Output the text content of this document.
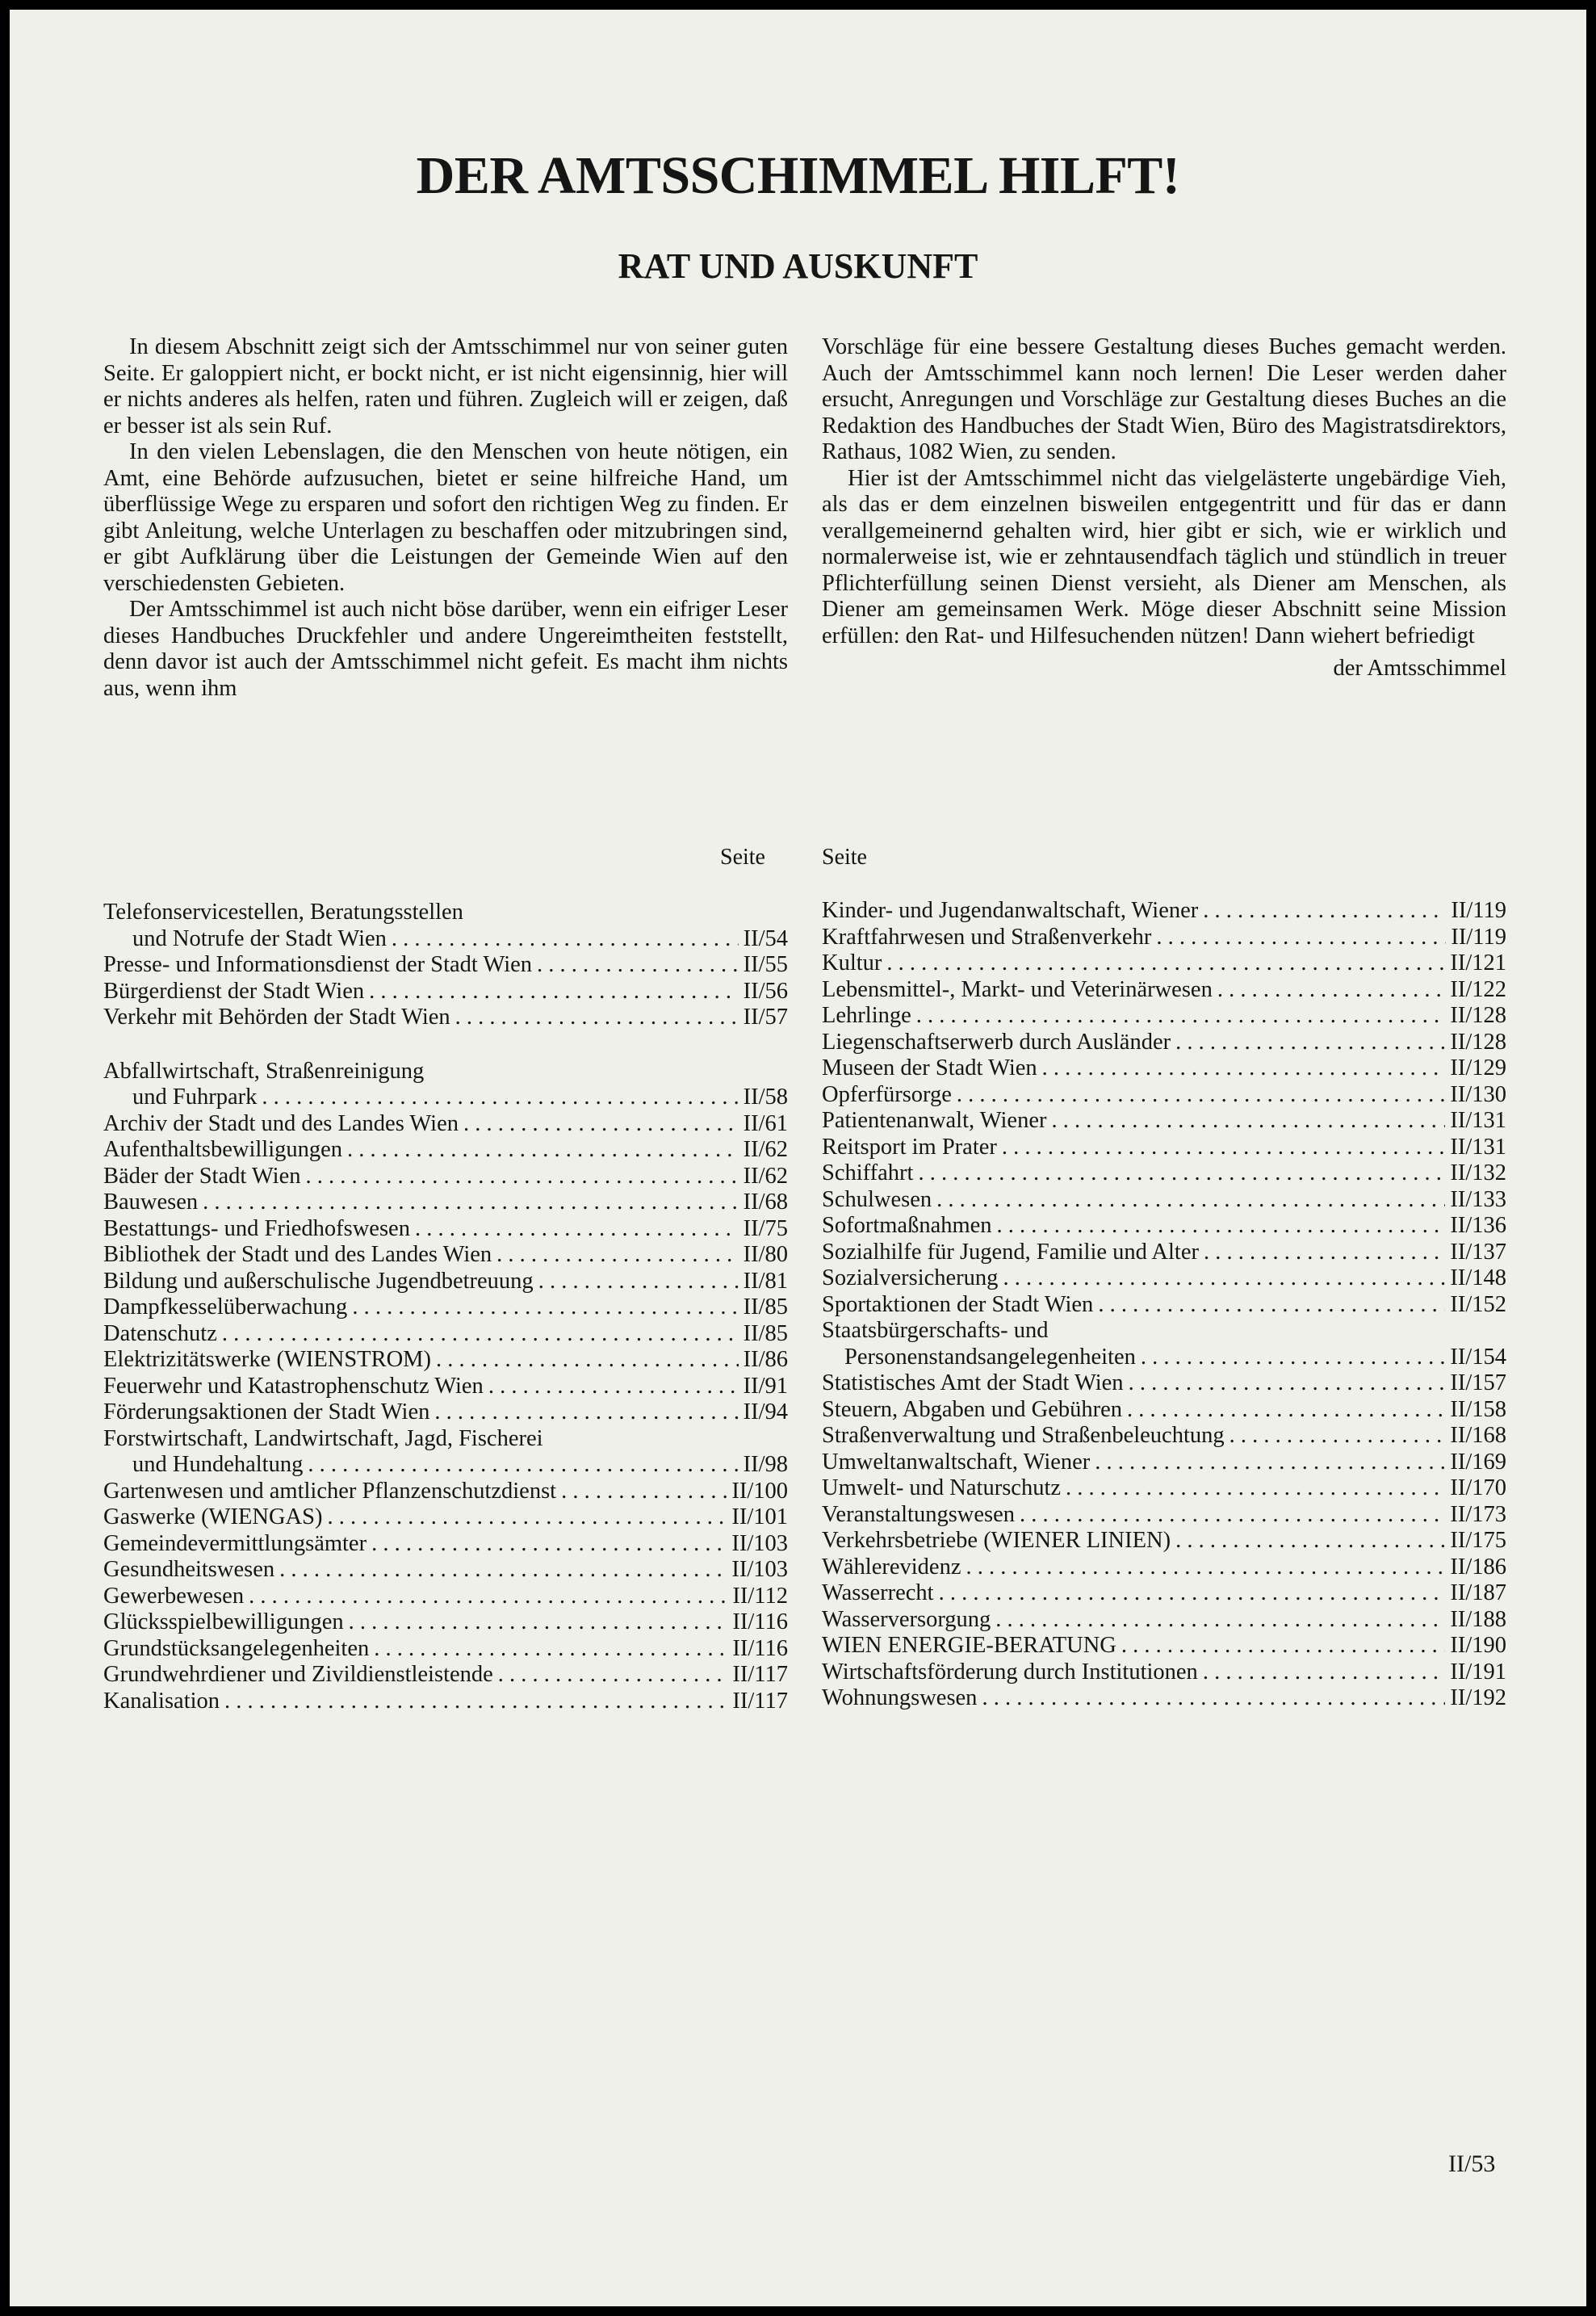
DER AMTSSCHIMMEL HILFT!
RAT UND AUSKUNFT

In diesem Abschnitt zeigt sich der Amtsschimmel nur von seiner guten Seite. Er galoppiert nicht, er bockt nicht, er ist nicht eigensinnig, hier will er nichts anderes als helfen, raten und führen. Zugleich will er zeigen, daß er besser ist als sein Ruf.

In den vielen Lebenslagen, die den Menschen von heute nötigen, ein Amt, eine Behörde aufzusuchen, bietet er seine hilfreiche Hand, um überflüssige Wege zu ersparen und sofort den richtigen Weg zu finden. Er gibt Anleitung, welche Unterlagen zu beschaffen oder mitzubringen sind, er gibt Aufklärung über die Leistungen der Gemeinde Wien auf den verschiedensten Gebieten.

Der Amtsschimmel ist auch nicht böse darüber, wenn ein eifriger Leser dieses Handbuches Druckfehler und andere Ungereimtheiten feststellt, denn davor ist auch der Amtsschimmel nicht gefeit. Es macht ihm nichts aus, wenn ihm

Vorschläge für eine bessere Gestaltung dieses Buches gemacht werden. Auch der Amtsschimmel kann noch lernen! Die Leser werden daher ersucht, Anregungen und Vorschläge zur Gestaltung dieses Buches an die Redaktion des Handbuches der Stadt Wien, Büro des Magistratsdirektors, Rathaus, 1082 Wien, zu senden.

Hier ist der Amtsschimmel nicht das vielgelästerte ungebärdige Vieh, als das er dem einzelnen bisweilen entgegentritt und für das er dann verallgemeinernd gehalten wird, hier gibt er sich, wie er wirklich und normalerweise ist, wie er zehntausendfach täglich und stündlich in treuer Pflichterfüllung seinen Dienst versieht, als Diener am Menschen, als Diener am gemeinsamen Werk. Möge dieser Abschnitt seine Mission erfüllen: den Rat- und Hilfesuchenden nützen! Dann wiehert befriedigt

der Amtsschimmel
Seite	Seite
Telefonservicestellen, Beratungsstellen
und Notrufe der Stadt Wien . . .	II/54
Presse- und Informationsdienst der Stadt Wien . . .	II/55
Bürgerdienst der Stadt Wien . . .	II/56
Verkehr mit Behörden der Stadt Wien . . .	II/57
Abfallwirtschaft, Straßenreinigung
und Fuhrpark . . .	II/58
Archiv der Stadt und des Landes Wien . . .	II/61
Aufenthaltsbewilligungen . . .	II/62
Bäder der Stadt Wien . . .	II/62
Bauwesen . . .	II/68
Bestattungs- und Friedhofswesen . . .	II/75
Bibliothek der Stadt und des Landes Wien . . .	II/80
Bildung und außerschulische Jugendbetreuung . . .	II/81
Dampfkesselüberwachung . . .	II/85
Datenschutz . . .	II/85
Elektrizitätswerke (WIENSTROM) . . .	II/86
Feuerwehr und Katastrophenschutz Wien . . .	II/91
Förderungsaktionen der Stadt Wien . . .	II/94
Forstwirtschaft, Landwirtschaft, Jagd, Fischerei
und Hundehaltung . . .	II/98
Gartenwesen und amtlicher Pflanzenschutzdienst . . .	II/100
Gaswerke (WIENGAS) . . .	II/101
Gemeindevermittlungsämter . . .	II/103
Gesundheitswesen . . .	II/103
Gewerbewesen . . .	II/112
Glücksspielbewilligungen . . .	II/116
Grundstücksangelegenheiten . . .	II/116
Grundwehrdiener und Zivildienstleistende . . .	II/117
Kanalisation . . .	II/117
Kinder- und Jugendanwaltschaft, Wiener . . .	II/119
Kraftfahrwesen und Straßenverkehr . . .	II/119
Kultur . . .	II/121
Lebensmittel-, Markt- und Veterinärwesen . . .	II/122
Lehrlinge . . .	II/128
Liegenschaftserwerb durch Ausländer . . .	II/128
Museen der Stadt Wien . . .	II/129
Opferfürsorge . . .	II/130
Patientenanwalt, Wiener . . .	II/131
Reitsport im Prater . . .	II/131
Schiffahrt . . .	II/132
Schulwesen . . .	II/133
Sofortmaßnahmen . . .	II/136
Sozialhilfe für Jugend, Familie und Alter . . .	II/137
Sozialversicherung . . .	II/148
Sportaktionen der Stadt Wien . . .	II/152
Staatsbürgerschafts- und
Personenstandsangelegenheiten . . .	II/154
Statistisches Amt der Stadt Wien . . .	II/157
Steuern, Abgaben und Gebühren . . .	II/158
Straßenverwaltung und Straßenbeleuchtung . . .	II/168
Umweltanwaltschaft, Wiener . . .	II/169
Umwelt- und Naturschutz . . .	II/170
Veranstaltungswesen . . .	II/173
Verkehrsbetriebe (WIENER LINIEN) . . .	II/175
Wählerevidenz . . .	II/186
Wasserrecht . . .	II/187
Wasserversorgung . . .	II/188
WIEN ENERGIE-BERATUNG . . .	II/190
Wirtschaftsförderung durch Institutionen . . .	II/191
Wohnungswesen . . .	II/192
II/53
